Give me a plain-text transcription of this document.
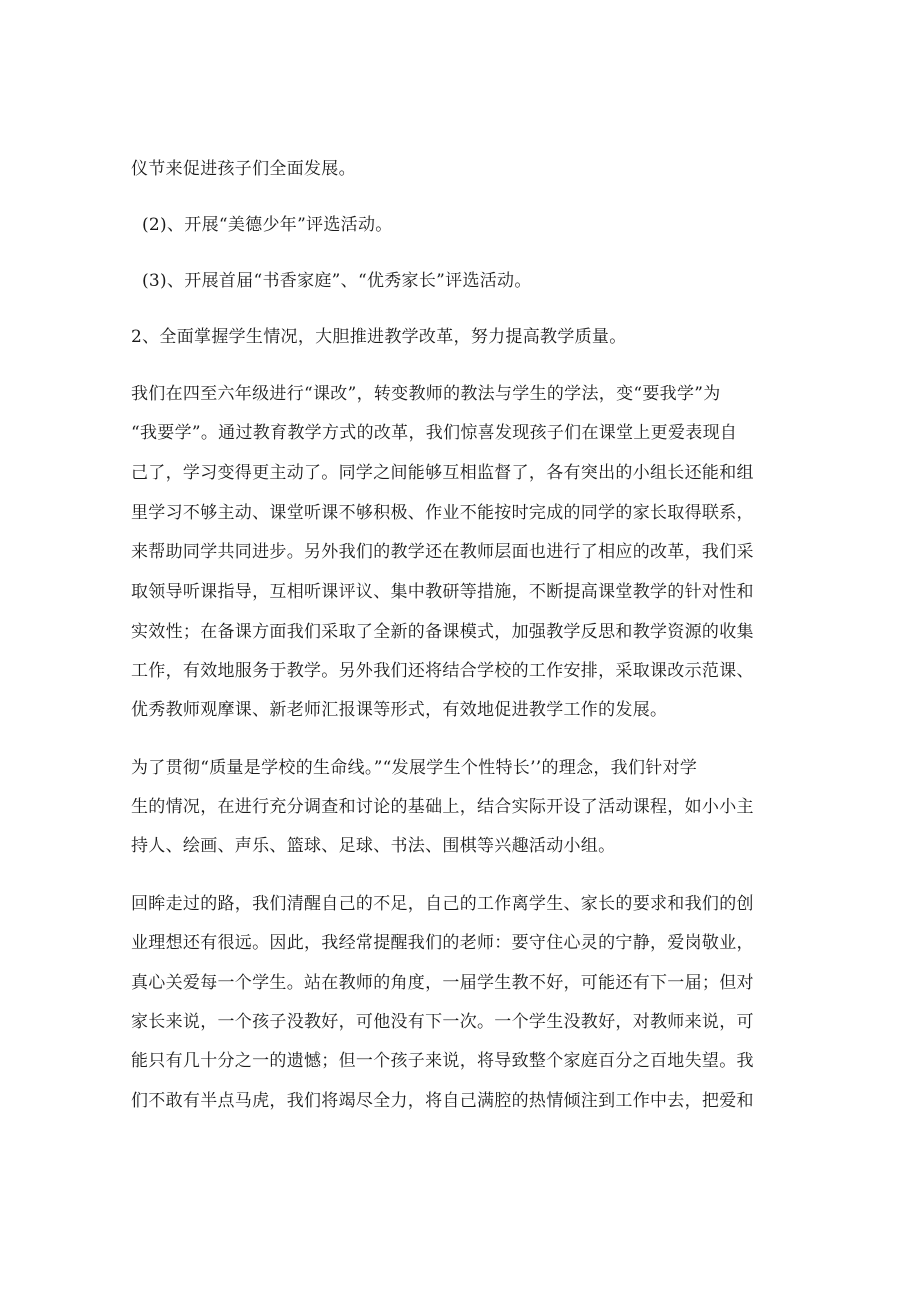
仪节来促进孩子们全面发展。
(2)、开展“美德少年”评选活动。
(3)、开展首届“书香家庭”、“优秀家长”评选活动。
2、全面掌握学生情况，大胆推进教学改革，努力提高教学质量。
我们在四至六年级进行“课改”，转变教师的教法与学生的学法，变“要我学”为
“我要学”。通过教育教学方式的改革，我们惊喜发现孩子们在课堂上更爱表现自
己了，学习变得更主动了。同学之间能够互相监督了，各有突出的小组长还能和组
里学习不够主动、课堂听课不够积极、作业不能按时完成的同学的家长取得联系，
来帮助同学共同进步。另外我们的教学还在教师层面也进行了相应的改革，我们采
取领导听课指导，互相听课评议、集中教研等措施，不断提高课堂教学的针对性和
实效性；在备课方面我们采取了全新的备课模式，加强教学反思和教学资源的收集
工作，有效地服务于教学。另外我们还将结合学校的工作安排，采取课改示范课、
优秀教师观摩课、新老师汇报课等形式，有效地促进教学工作的发展。
为了贯彻“质量是学校的生命线。”“发展学生个性特长’’的理念，我们针对学
生的情况，在进行充分调查和讨论的基础上，结合实际开设了活动课程，如小小主
持人、绘画、声乐、篮球、足球、书法、围棋等兴趣活动小组。
回眸走过的路，我们清醒自己的不足，自己的工作离学生、家长的要求和我们的创
业理想还有很远。因此，我经常提醒我们的老师：要守住心灵的宁静，爱岗敬业，
真心关爱每一个学生。站在教师的角度，一届学生教不好，可能还有下一届；但对
家长来说，一个孩子没教好，可他没有下一次。一个学生没教好，对教师来说，可
能只有几十分之一的遗憾；但一个孩子来说，将导致整个家庭百分之百地失望。我
们不敢有半点马虎，我们将竭尽全力，将自己满腔的热情倾注到工作中去，把爱和
